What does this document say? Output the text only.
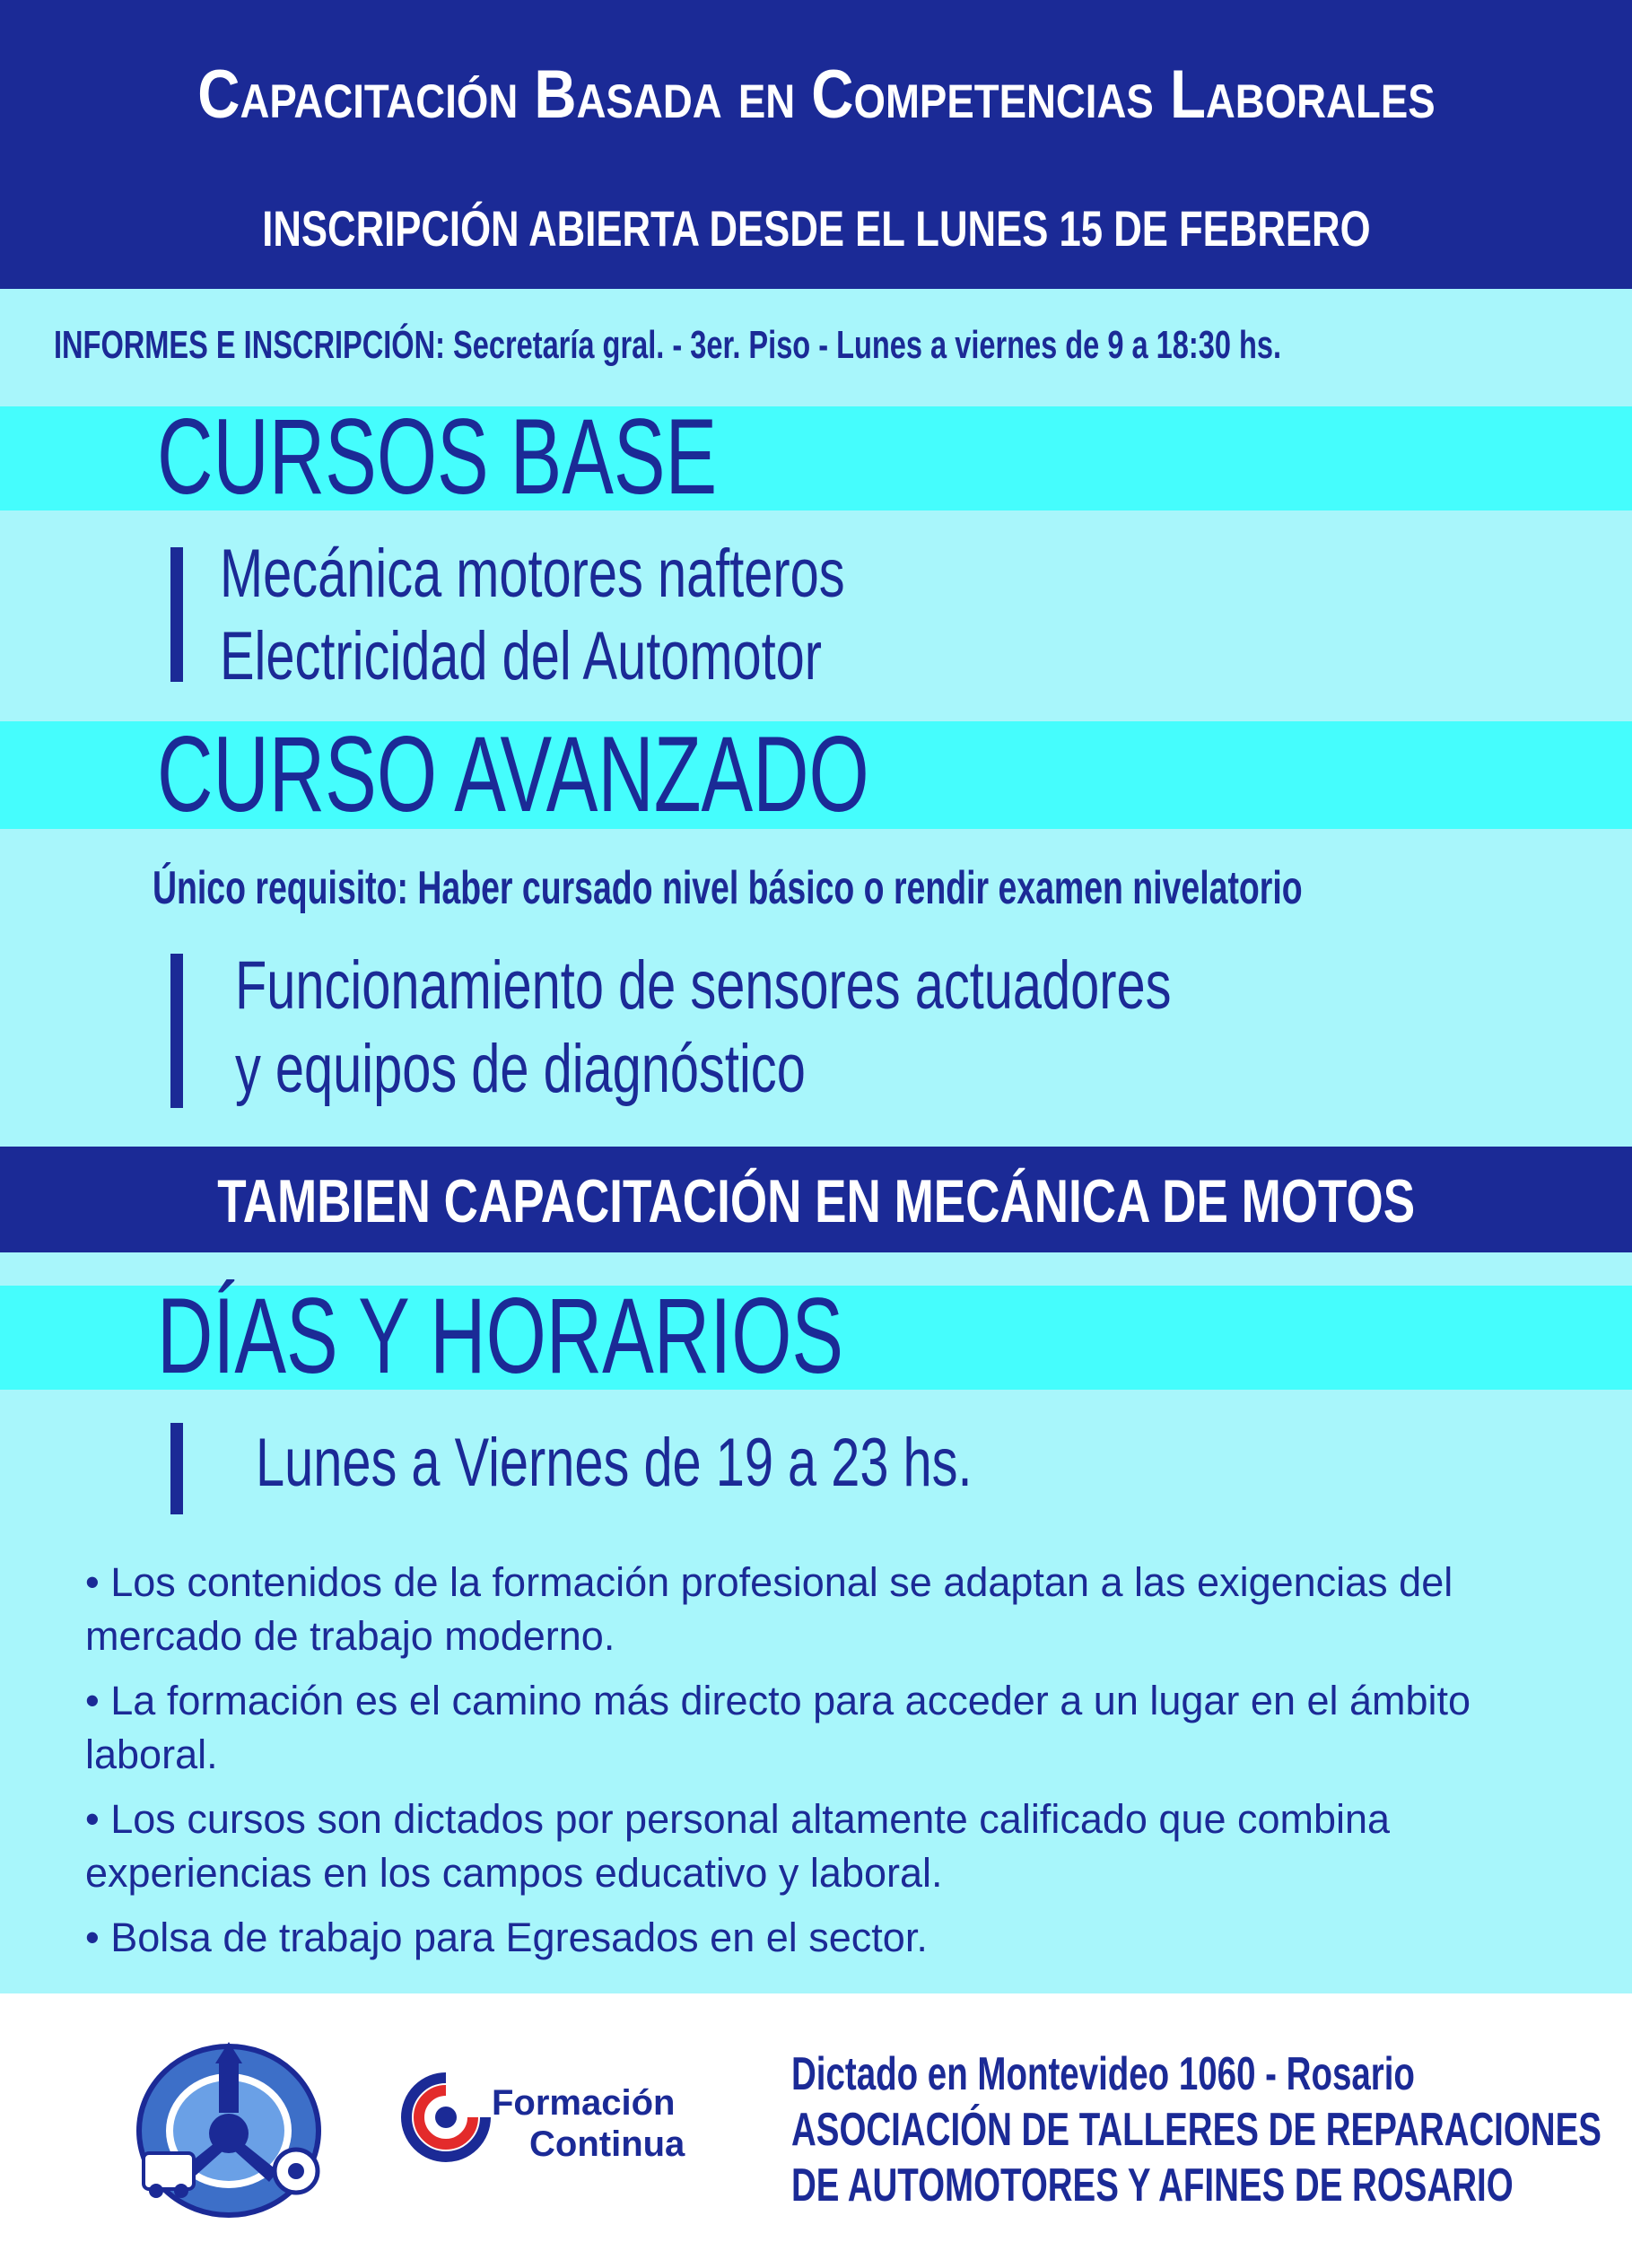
Capacitación Basada en Competencias Laborales
INSCRIPCIÓN ABIERTA DESDE EL LUNES 15 DE FEBRERO
INFORMES E INSCRIPCIÓN: Secretaría gral. - 3er. Piso - Lunes a viernes de 9 a 18:30 hs.
CURSOS BASE
Mecánica motores nafteros
Electricidad del Automotor
CURSO AVANZADO
Único requisito: Haber cursado nivel básico o rendir examen nivelatorio
Funcionamiento de sensores actuadores
y equipos de diagnóstico
TAMBIEN CAPACITACIÓN EN MECÁNICA DE MOTOS
DÍAS Y HORARIOS
Lunes a Viernes de 19 a 23 hs.
• Los contenidos de la formación profesional se adaptan a las exigencias del mercado de trabajo moderno.
• La formación es el camino más directo para acceder a un lugar en el ámbito laboral.
• Los cursos son dictados por personal altamente calificado que combina experiencias en los campos educativo y laboral.
• Bolsa de trabajo para Egresados en el sector.
Formación
Continua
Dictado en Montevideo 1060 - Rosario
ASOCIACIÓN DE TALLERES DE REPARACIONES
DE AUTOMOTORES Y AFINES DE ROSARIO
